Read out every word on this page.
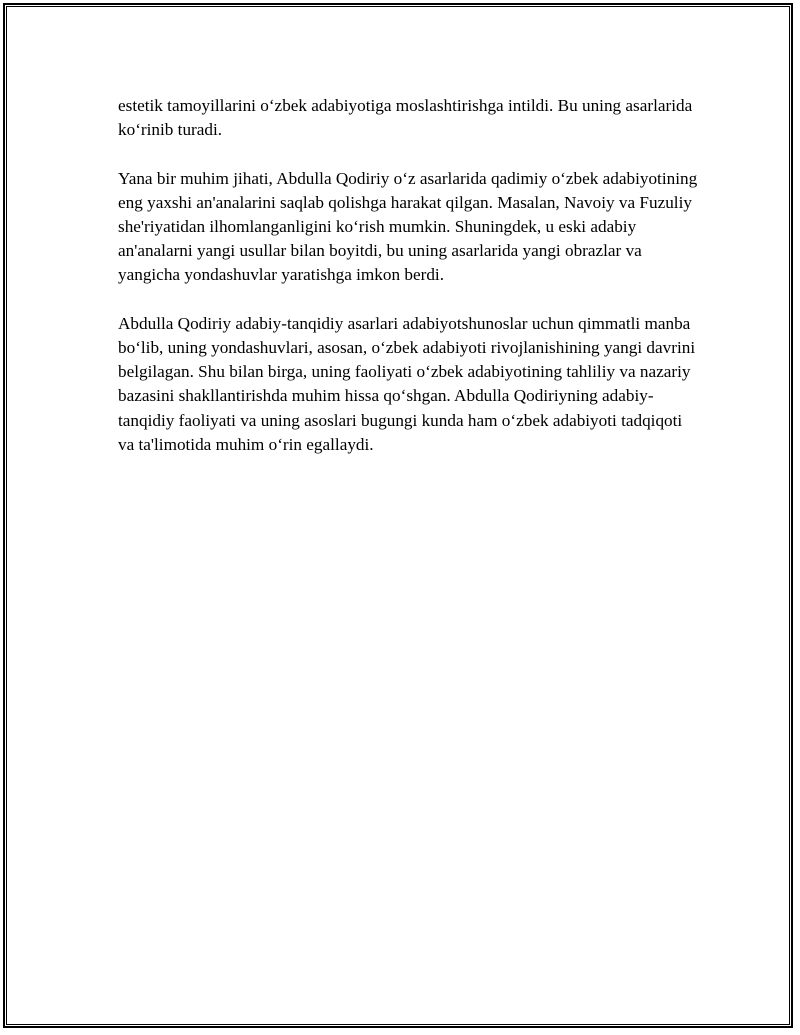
estetik tamoyillarini o‘zbek adabiyotiga moslashtirishga intildi. Bu uning asarlarida ko‘rinib turadi.

Yana bir muhim jihati, Abdulla Qodiriy o‘z asarlarida qadimiy o‘zbek adabiyotining eng yaxshi an'analarini saqlab qolishga harakat qilgan. Masalan, Navoiy va Fuzuliy she'riyatidan ilhomlanganligini ko‘rish mumkin. Shuningdek, u eski adabiy an'analarni yangi usullar bilan boyitdi, bu uning asarlarida yangi obrazlar va yangicha yondashuvlar yaratishga imkon berdi.

Abdulla Qodiriy adabiy-tanqidiy asarlari adabiyotshunoslar uchun qimmatli manba bo‘lib, uning yondashuvlari, asosan, o‘zbek adabiyoti rivojlanishining yangi davrini belgilagan. Shu bilan birga, uning faoliyati o‘zbek adabiyotining tahliliy va nazariy bazasini shakllantirishda muhim hissa qo‘shgan. Abdulla Qodiriyning adabiy-tanqidiy faoliyati va uning asoslari bugungi kunda ham o‘zbek adabiyoti tadqiqoti va ta'limotida muhim o‘rin egallaydi.
